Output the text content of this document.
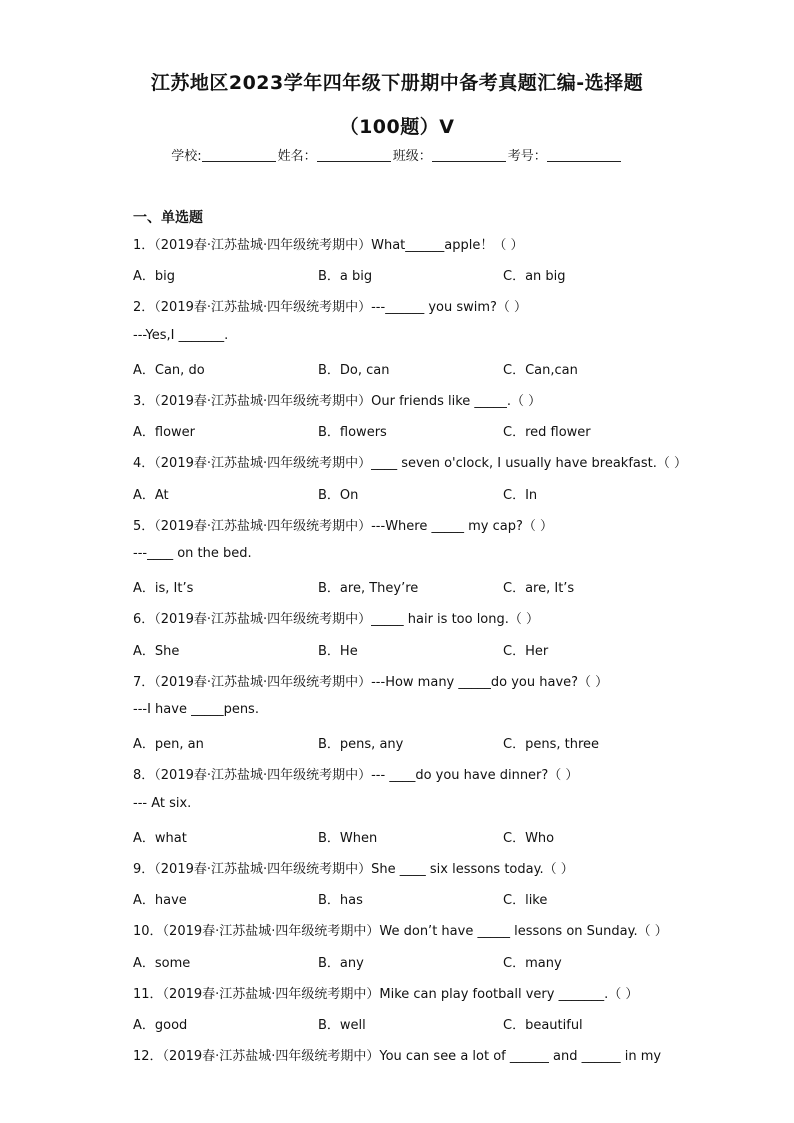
江苏地区2023学年四年级下册期中备考真题汇编-选择题
（100题）Ⅴ
学校:	姓名：	班级：	考号：
一、单选题
1．（2019春·江苏盐城·四年级统考期中）What______apple！（ ）
A．big	B．a big	C．an big
2．（2019春·江苏盐城·四年级统考期中）---______ you swim?（ ）
---Yes,I _______.
A．Can, do	B．Do, can	C．Can,can
3．（2019春·江苏盐城·四年级统考期中）Our friends like _____.（ ）
A．flower	B．flowers	C．red flower
4．（2019春·江苏盐城·四年级统考期中）____ seven o'clock, I usually have breakfast.（ ）
A．At	B．On	C．In
5．（2019春·江苏盐城·四年级统考期中）---Where _____ my cap?（ ）
---____ on the bed.
A．is, It’s	B．are, They’re	C．are, It’s
6．（2019春·江苏盐城·四年级统考期中）_____ hair is too long.（ ）
A．She	B．He	C．Her
7．（2019春·江苏盐城·四年级统考期中）---How many _____do you have?（ ）
---I have _____pens.
A．pen, an	B．pens, any	C．pens, three
8．（2019春·江苏盐城·四年级统考期中）--- ____do you have dinner?（ ）
--- At six.
A．what	B．When	C．Who
9．（2019春·江苏盐城·四年级统考期中）She ____ six lessons today.（ ）
A．have	B．has	C．like
10．（2019春·江苏盐城·四年级统考期中）We don’t have _____ lessons on Sunday.（ ）
A．some	B．any	C．many
11．（2019春·江苏盐城·四年级统考期中）Mike can play football very _______.（ ）
A．good	B．well	C．beautiful
12．（2019春·江苏盐城·四年级统考期中）You can see a lot of ______ and ______ in my
